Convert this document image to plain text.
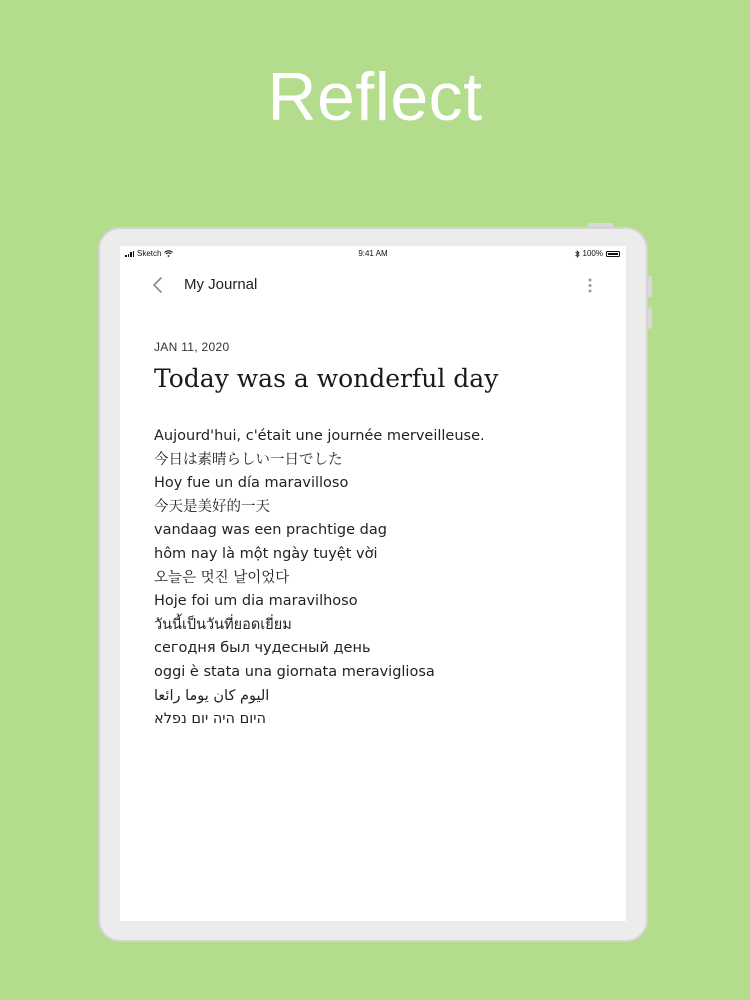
Reflect
Sketch	9:41 AM	100%
My Journal
JAN 11, 2020
Today was a wonderful day
Aujourd'hui, c'était une journée merveilleuse.
今日は素晴らしい一日でした
Hoy fue un día maravilloso
今天是美好的一天
vandaag was een prachtige dag
hôm nay là một ngày tuyệt vời
오늘은 멋진 날이었다
Hoje foi um dia maravilhoso
วันนี้เป็นวันที่ยอดเยี่ยม
сегодня был чудесный день
oggi è stata una giornata meravigliosa
اليوم كان يوما رائعا
היום היה יום נפלא
